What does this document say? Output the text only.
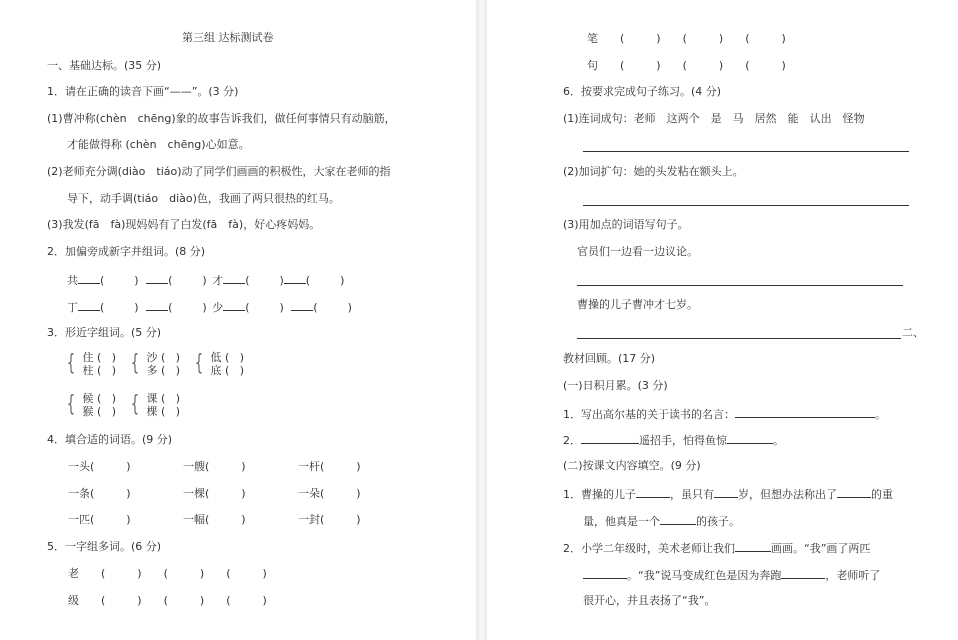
第三组 达标测试卷
一、基础达标。(35 分)
1．请在正确的读音下画“——”。(3 分)
(1)曹冲称(chèn　chēng)象的故事告诉我们，做任何事情只有动脑筋，
才能做得称 (chèn　chēng)心如意。
(2)老师充分调(diào　tiáo)动了同学们画画的积极性，大家在老师的指
导下，动手调(tiáo　diào)色，我画了两只很热的红马。
(3)我发(fā　fà)现妈妈有了白发(fā　fà)，好心疼妈妈。
2．加偏旁成新字并组词。(8 分)
共 (	)	(	) 才 (	) (	)
丁 (	)	(	) 少 (	)	(	)
3．形近字组词。(5 分)
{ 住 (   )
柱 (   ) { 沙 (   )
多 (   ) { 低 (   )
底 (   )
{ 候 (   )
猴 (   ) { 课 (   )
棵 (   )
4．填合适的词语。(9 分)
一头(	)	一艘(	)	一杆(	)
一条(	)	一棵(	)	一朵(	)
一匹(	)	一幅(	)	一封(	)
5．一字组多词。(6 分)
老 (	) (	) (	)
级 (	) (	) (	)
笔 (	) (	) (	)
句 (	) (	) (	)
6．按要求完成句子练习。(4 分)
(1)连词成句：老师　这两个　是　马　居然　能　认出　怪物
(2)加词扩句：她的头发粘在额头上。
(3)用加点的词语写句子。
官员们一边看一边议论。
曹操的儿子曹冲才七岁。
二、
教材回顾。(17 分)
(一)日积月累。(3 分)
1．写出高尔基的关于读书的名言：	。
2．	遥招手，怕得鱼惊	。
(二)按课文内容填空。(9 分)
1．曹操的儿子	，虽只有 岁，但想办法称出了	的重
量，他真是一个	的孩子。
2．小学二年级时，美术老师让我们	画画。“我”画了两匹
。“我”说马变成红色是因为奔跑	，老师听了
很开心，并且表扬了“我”。
